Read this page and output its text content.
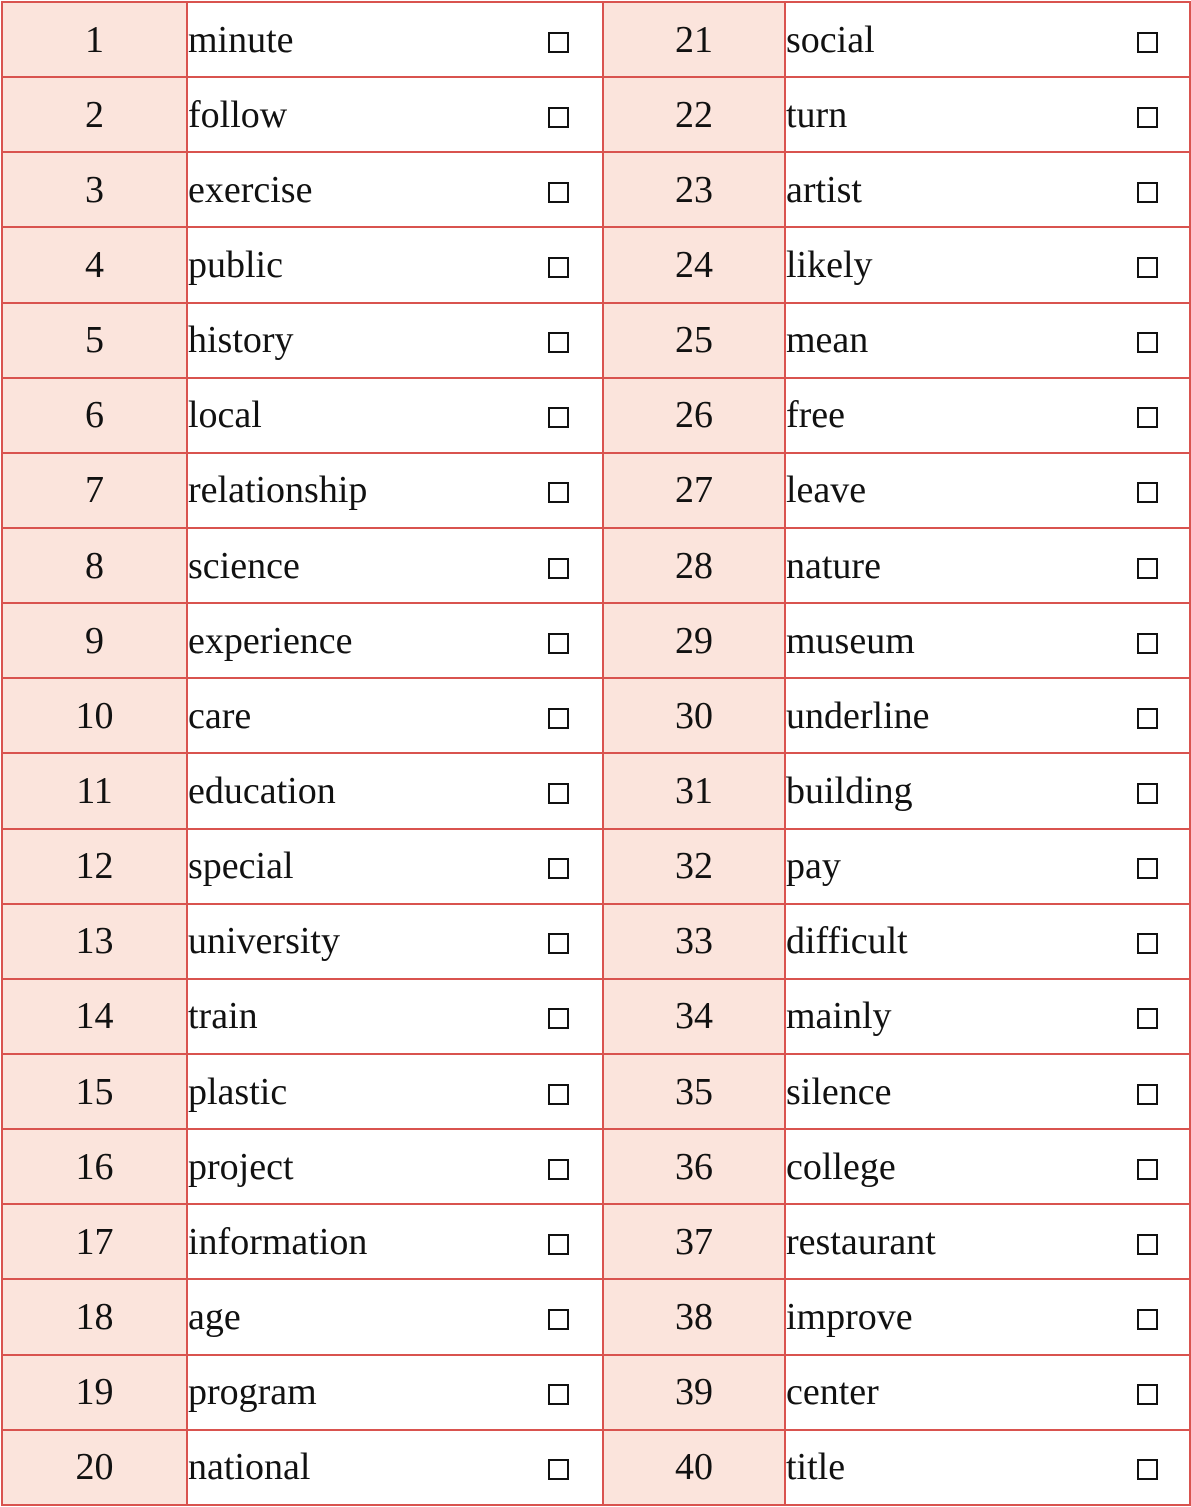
1	minute	21	social

2	follow	22	turn

3	exercise	23	artist

4	public	24	likely

5	history	25	mean

6	local	26	free

7	relationship	27	leave

8	science	28	nature

9	experience	29	museum

10	care	30	underline

11	education	31	building

12	special	32	pay

13	university	33	difficult

14	train	34	mainly

15	plastic	35	silence

16	project	36	college

17	information	37	restaurant

18	age	38	improve

19	program	39	center

20	national	40	title
